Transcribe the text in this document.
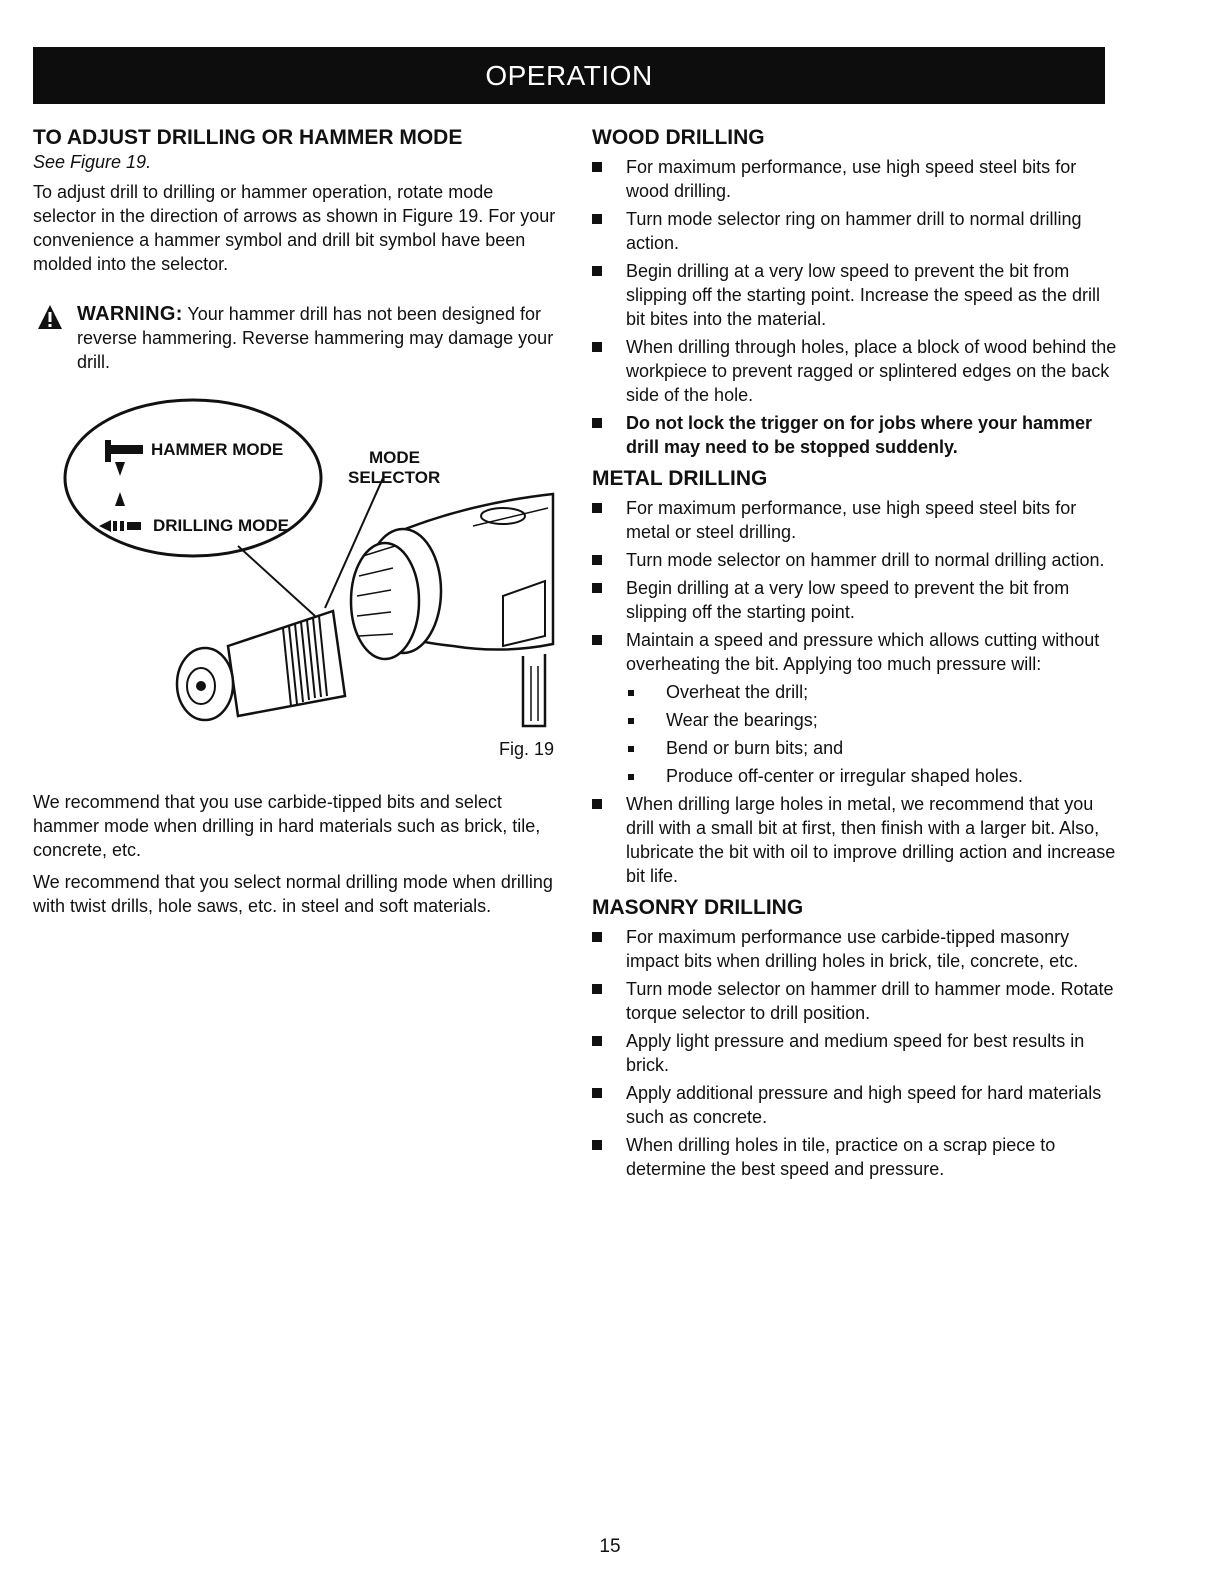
OPERATION
TO ADJUST DRILLING OR HAMMER MODE
See Figure 19.

To adjust drill to drilling or hammer operation, rotate mode selector in the direction of arrows as shown in Figure 19. For your convenience a hammer symbol and drill bit symbol have been molded into the selector.

WARNING: Your hammer drill has not been designed for reverse hammering. Reverse hammering may damage your drill.
HAMMER MODE
DRILLING MODE
MODE
SELECTOR
Fig. 19

We recommend that you use carbide-tipped bits and select hammer mode when drilling in hard materials such as brick, tile, concrete, etc.

We recommend that you select normal drilling mode when drilling with twist drills, hole saws, etc. in steel and soft materials.

WOOD DRILLING
For maximum performance, use high speed steel bits for wood drilling.
Turn mode selector ring on hammer drill to normal drilling action.
Begin drilling at a very low speed to prevent the bit from slipping off the starting point. Increase the speed as the drill bit bites into the material.
When drilling through holes, place a block of wood behind the workpiece to prevent ragged or splintered edges on the back side of the hole.
Do not lock the trigger on for jobs where your hammer drill may need to be stopped suddenly.
METAL DRILLING
For maximum performance, use high speed steel bits for metal or steel drilling.
Turn mode selector on hammer drill to normal drilling action.
Begin drilling at a very low speed to prevent the bit from slipping off the starting point.
Maintain a speed and pressure which allows cutting without overheating the bit. Applying too much pressure will:
Overheat the drill;
Wear the bearings;
Bend or burn bits; and
Produce off-center or irregular shaped holes.
When drilling large holes in metal, we recommend that you drill with a small bit at first, then finish with a larger bit. Also, lubricate the bit with oil to improve drilling action and increase bit life.
MASONRY DRILLING
For maximum performance use carbide-tipped masonry impact bits when drilling holes in brick, tile, concrete, etc.
Turn mode selector on hammer drill to hammer mode. Rotate torque selector to drill position.
Apply light pressure and medium speed for best results in brick.
Apply additional pressure and high speed for hard materials such as concrete.
When drilling holes in tile, practice on a scrap piece to determine the best speed and pressure.
15
